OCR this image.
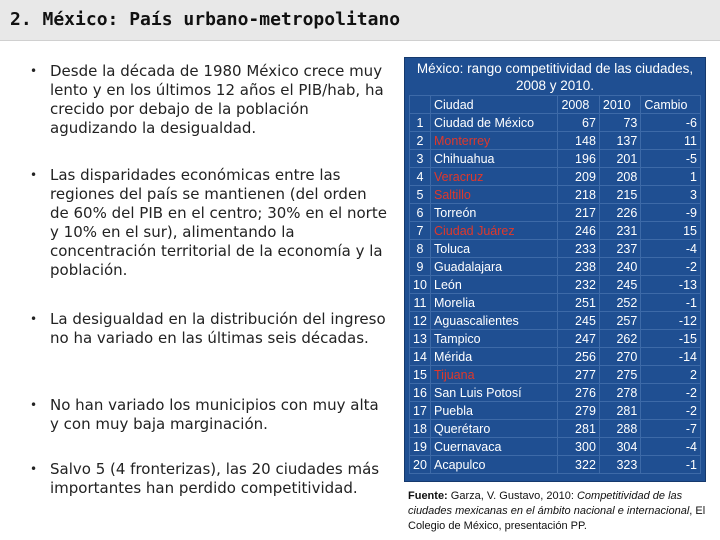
2. México: País urbano-metropolitano
• Desde la década de 1980 México crece muy lento y en los últimos 12 años el PIB/hab, ha crecido por debajo de la población agudizando la desigualdad.
• Las disparidades económicas entre las regiones del país se mantienen (del orden de 60% del PIB en el centro; 30% en el norte y 10% en el sur), alimentando la concentración territorial de la economía y la población.
• La desigualdad en la distribución del ingreso no ha variado en las últimas seis décadas.
• No han variado los municipios con muy alta y con muy baja marginación.
• Salvo 5 (4 fronterizas), las 20 ciudades más importantes han perdido competitividad.
México: rango competitividad de las ciudades,
2008 y 2010.
	Ciudad	2008	2010	Cambio
1	Ciudad de México	67	73	-6
2	Monterrey	148	137	11
3	Chihuahua	196	201	-5
4	Veracruz	209	208	1
5	Saltillo	218	215	3
6	Torreón	217	226	-9
7	Ciudad Juárez	246	231	15
8	Toluca	233	237	-4
9	Guadalajara	238	240	-2
10	León	232	245	-13
11	Morelia	251	252	-1
12	Aguascalientes	245	257	-12
13	Tampico	247	262	-15
14	Mérida	256	270	-14
15	Tijuana	277	275	2
16	San Luis Potosí	276	278	-2
17	Puebla	279	281	-2
18	Querétaro	281	288	-7
19	Cuernavaca	300	304	-4
20	Acapulco	322	323	-1
Fuente: Garza, V. Gustavo, 2010: Competitividad de las ciudades mexicanas en el ámbito nacional e internacional, El Colegio de México, presentación PP.
